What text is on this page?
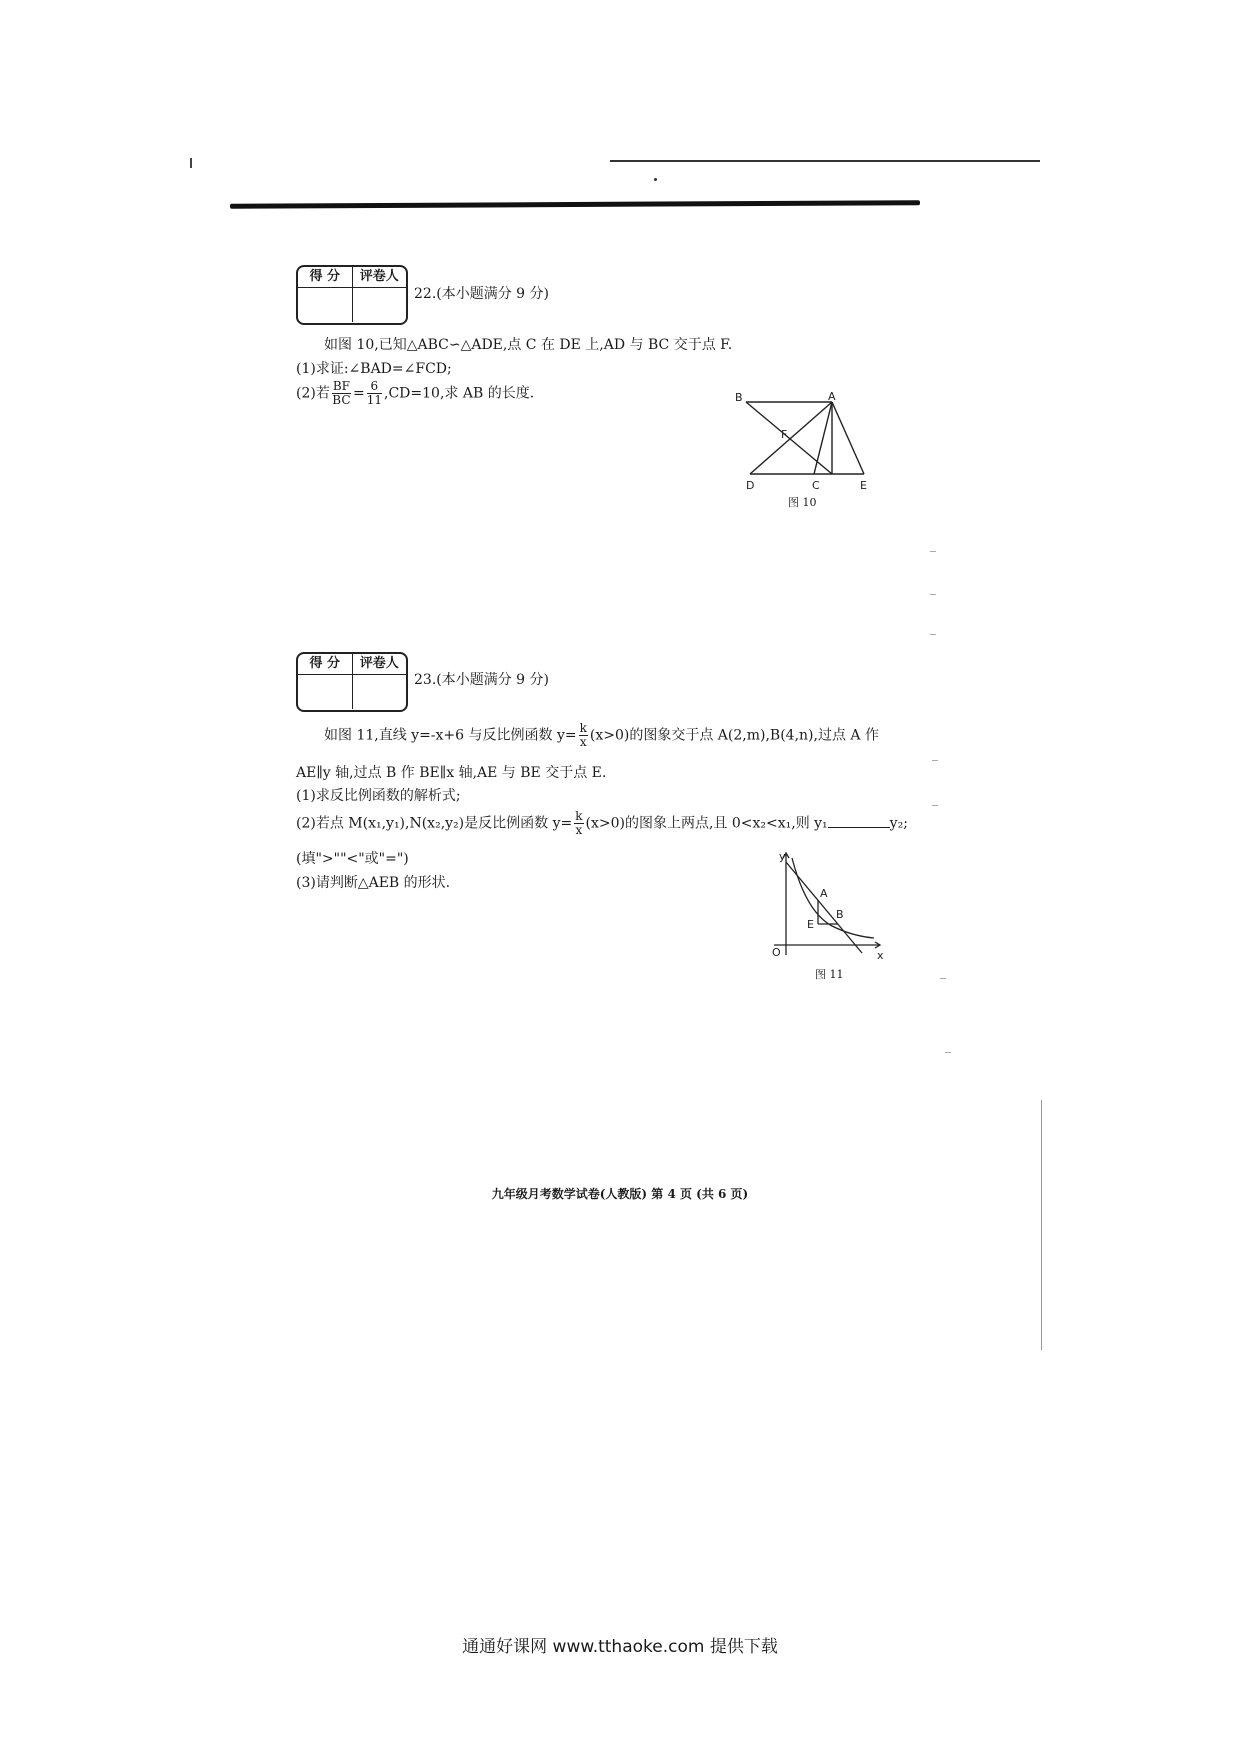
得 分	评卷人
22.(本小题满分 9 分)
如图 10,已知△ABC∽△ADE,点 C 在 DE 上,AD 与 BC 交于点 F.
(1)求证:∠BAD=∠FCD;
(2)若 $\frac{BF}{BC} = \frac{6}{11} ,CD=10$,求 AB 的长度.	B	A
F
D	C	E
图 10
得 分	评卷人
23.(本小题满分 9 分)
如图 11,直线 y=-x+6 与反比例函数 $y= \frac{k}{x} (x>0)$的图象交于点 A(2,m),B(4,n),过点 A 作
AE∥y 轴,过点 B 作 BE∥x 轴,AE 与 BE 交于点 E.
(1)求反比例函数的解析式;
(2)若点 M(x₁,y₁),N(x₂,y₂)是反比例函数 $y= \frac{k}{x} (x>0)$的图象上两点,且 0<x₂<x₁,则 y₁	y₂;
(填">""<"或"=")
(3)请判断△AEB 的形状.
y
x
O
A
B
E
图 11
九年级月考数学试卷(人教版) 第 4 页 (共 6 页)
通通好课网 www.tthaoke.com 提供下载
